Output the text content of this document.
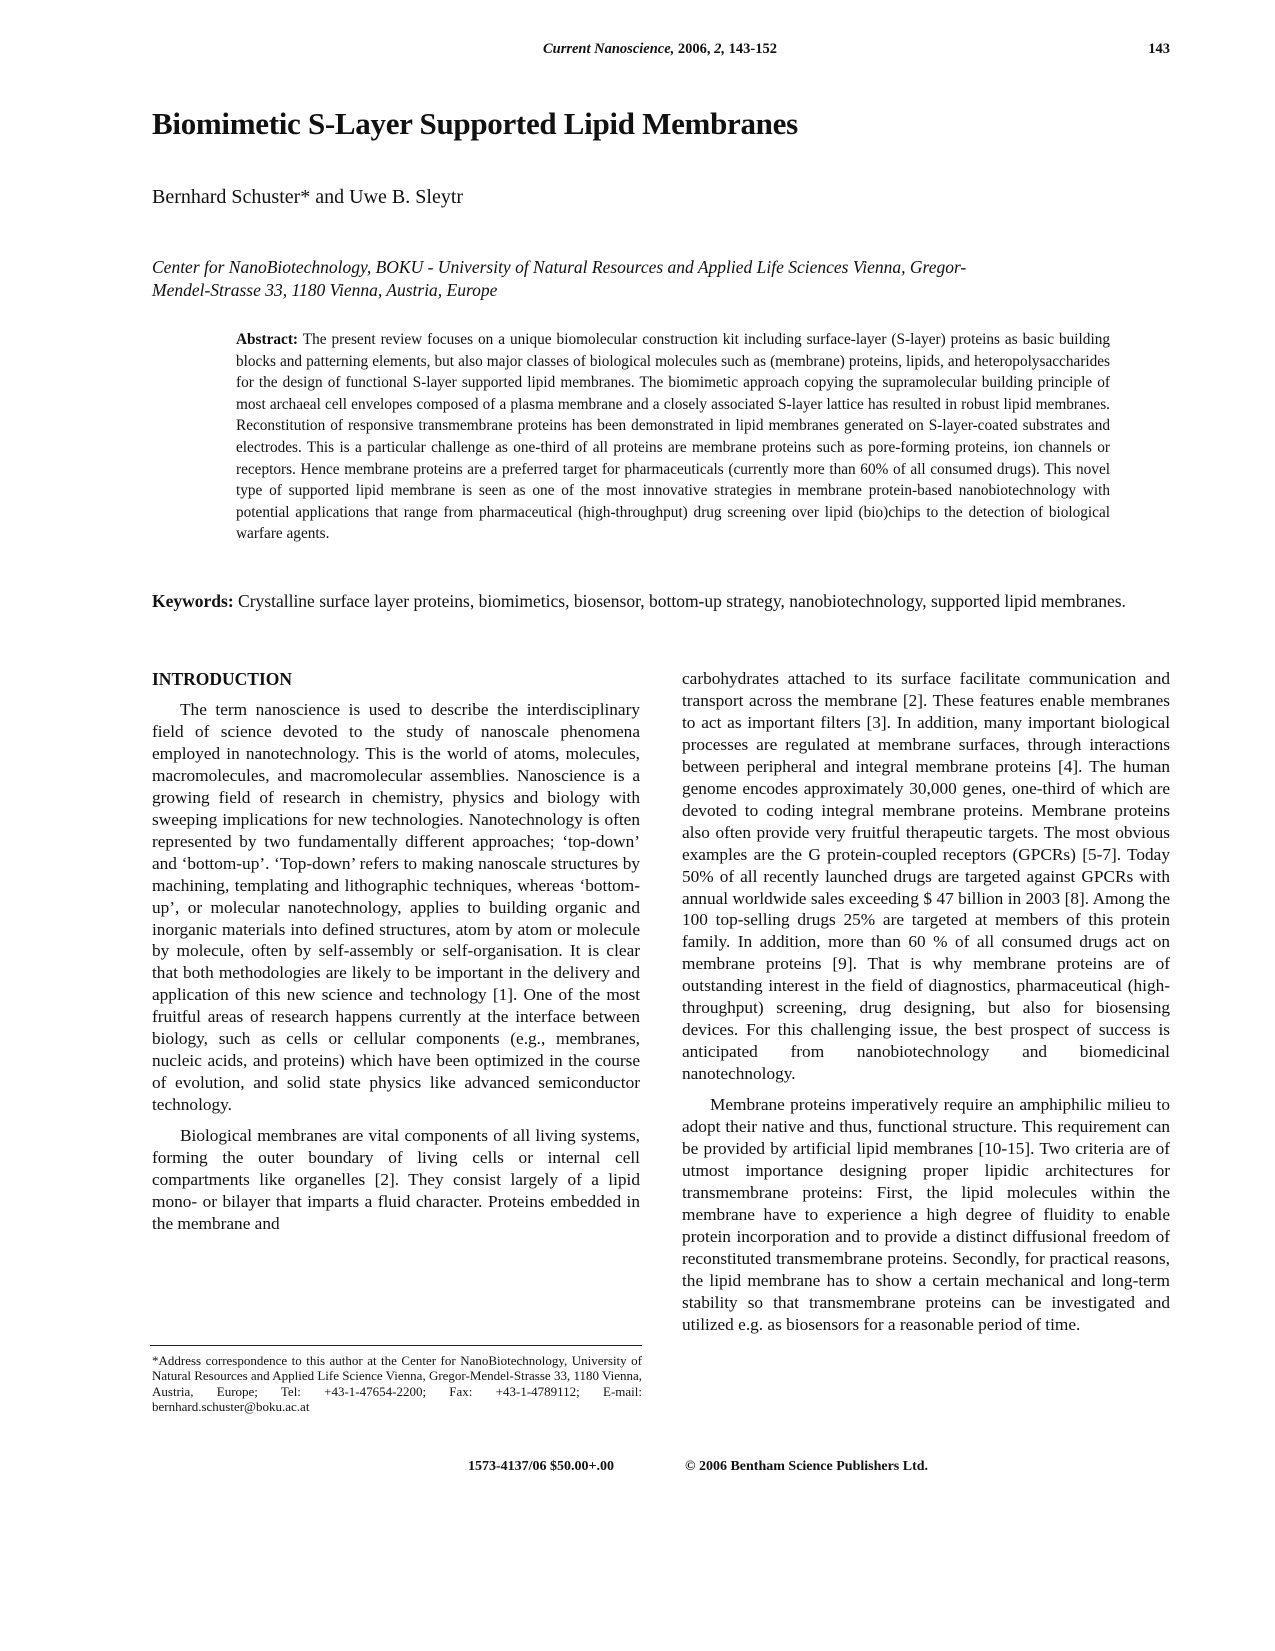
Current Nanoscience, 2006, 2, 143-152	143
Biomimetic S-Layer Supported Lipid Membranes
Bernhard Schuster* and Uwe B. Sleytr
Center for NanoBiotechnology, BOKU - University of Natural Resources and Applied Life Sciences Vienna, Gregor-
Mendel-Strasse 33, 1180 Vienna, Austria, Europe
Abstract: The present review focuses on a unique biomolecular construction kit including surface-layer (S-layer) proteins as basic building blocks and patterning elements, but also major classes of biological molecules such as (membrane) proteins, lipids, and heteropolysaccharides for the design of functional S-layer supported lipid membranes. The biomimetic approach copying the supramolecular building principle of most archaeal cell envelopes composed of a plasma membrane and a closely associated S-layer lattice has resulted in robust lipid membranes. Reconstitution of responsive transmembrane proteins has been demonstrated in lipid membranes generated on S-layer-coated substrates and electrodes. This is a particular challenge as one-third of all proteins are membrane proteins such as pore-forming proteins, ion channels or receptors. Hence membrane proteins are a preferred target for pharmaceuticals (currently more than 60% of all consumed drugs). This novel type of supported lipid membrane is seen as one of the most innovative strategies in membrane protein-based nanobiotechnology with potential applications that range from pharmaceutical (high-throughput) drug screening over lipid (bio)chips to the detection of biological warfare agents.
Keywords: Crystalline surface layer proteins, biomimetics, biosensor, bottom-up strategy, nanobiotechnology, supported lipid membranes.
INTRODUCTION

The term nanoscience is used to describe the interdisciplinary field of science devoted to the study of nanoscale phenomena employed in nanotechnology. This is the world of atoms, molecules, macromolecules, and macromolecular assemblies. Nanoscience is a growing field of research in chemistry, physics and biology with sweeping implications for new technologies. Nanotechnology is often represented by two fundamentally different approaches; ‘top-down’ and ‘bottom-up’. ‘Top-down’ refers to making nanoscale structures by machining, templating and lithographic techniques, whereas ‘bottom-up’, or molecular nanotechnology, applies to building organic and inorganic materials into defined structures, atom by atom or molecule by molecule, often by self-assembly or self-organisation. It is clear that both methodologies are likely to be important in the delivery and application of this new science and technology [1]. One of the most fruitful areas of research happens currently at the interface between biology, such as cells or cellular components (e.g., membranes, nucleic acids, and proteins) which have been optimized in the course of evolution, and solid state physics like advanced semiconductor technology.

Biological membranes are vital components of all living systems, forming the outer boundary of living cells or internal cell compartments like organelles [2]. They consist largely of a lipid mono- or bilayer that imparts a fluid character. Proteins embedded in the membrane and

carbohydrates attached to its surface facilitate communication and transport across the membrane [2]. These features enable membranes to act as important filters [3]. In addition, many important biological processes are regulated at membrane surfaces, through interactions between peripheral and integral membrane proteins [4]. The human genome encodes approximately 30,000 genes, one-third of which are devoted to coding integral membrane proteins. Membrane proteins also often provide very fruitful therapeutic targets. The most obvious examples are the G protein-coupled receptors (GPCRs) [5-7]. Today 50% of all recently launched drugs are targeted against GPCRs with annual worldwide sales exceeding $ 47 billion in 2003 [8]. Among the 100 top-selling drugs 25% are targeted at members of this protein family. In addition, more than 60 % of all consumed drugs act on membrane proteins [9]. That is why membrane proteins are of outstanding interest in the field of diagnostics, pharmaceutical (high-throughput) screening, drug designing, but also for biosensing devices. For this challenging issue, the best prospect of success is anticipated from nanobiotechnology and biomedicinal nanotechnology.

Membrane proteins imperatively require an amphiphilic milieu to adopt their native and thus, functional structure. This requirement can be provided by artificial lipid membranes [10-15]. Two criteria are of utmost importance designing proper lipidic architectures for transmembrane proteins: First, the lipid molecules within the membrane have to experience a high degree of fluidity to enable protein incorporation and to provide a distinct diffusional freedom of reconstituted transmembrane proteins. Secondly, for practical reasons, the lipid membrane has to show a certain mechanical and long-term stability so that transmembrane proteins can be investigated and utilized e.g. as biosensors for a reasonable period of time.

*Address correspondence to this author at the Center for NanoBiotechnology, University of Natural Resources and Applied Life Science Vienna, Gregor-Mendel-Strasse 33, 1180 Vienna, Austria, Europe; Tel: +43-1-47654-2200; Fax: +43-1-4789112; E-mail: bernhard.schuster@boku.ac.at
1573-4137/06 $50.00+.00	© 2006 Bentham Science Publishers Ltd.
